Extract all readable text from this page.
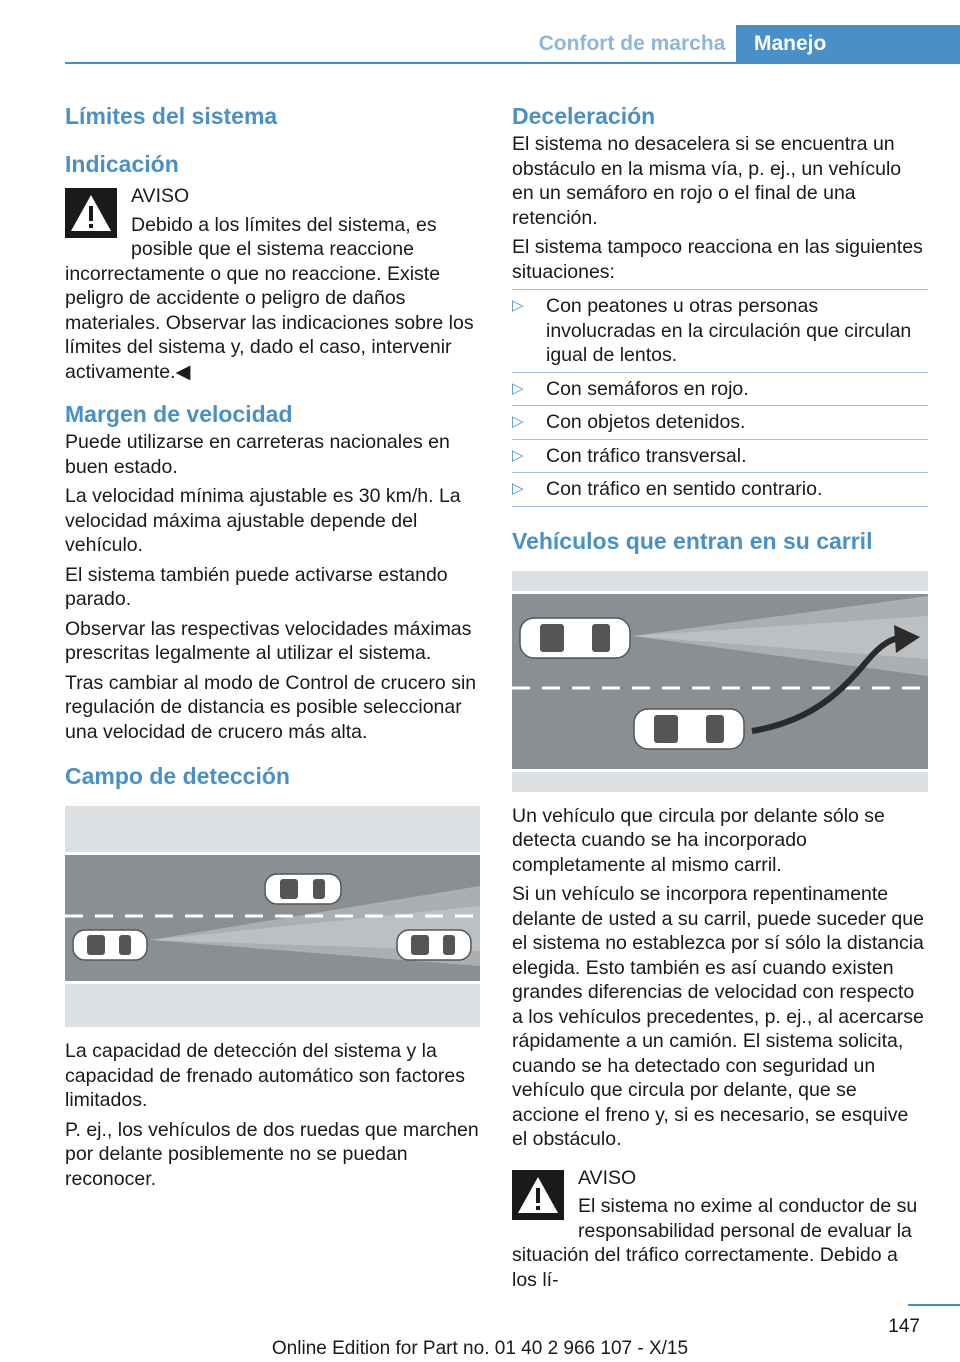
Confort de marcha	Manejo
Límites del sistema
Indicación
AVISO

Debido a los límites del sistema, es posible que el sistema reaccione incorrectamente o que no reaccione. Existe peligro de accidente o peligro de daños materiales. Observar las indicaciones sobre los límites del sistema y, dado el caso, intervenir activamente.◀

Margen de velocidad

Puede utilizarse en carreteras nacionales en buen estado.

La velocidad mínima ajustable es 30 km/h. La velocidad máxima ajustable depende del vehículo.

El sistema también puede activarse estando parado.

Observar las respectivas velocidades máximas prescritas legalmente al utilizar el sistema.

Tras cambiar al modo de Control de crucero sin regulación de distancia es posible seleccionar una velocidad de crucero más alta.

Campo de detección

La capacidad de detección del sistema y la capacidad de frenado automático son factores limitados.

P. ej., los vehículos de dos ruedas que marchen por delante posiblemente no se puedan reconocer.

Deceleración

El sistema no desacelera si se encuentra un obstáculo en la misma vía, p. ej., un vehículo en un semáforo en rojo o el final de una retención.

El sistema tampoco reacciona en las siguientes situaciones:

▷ Con peatones u otras personas involucradas en la circulación que circulan igual de lentos.
▷ Con semáforos en rojo.
▷ Con objetos detenidos.
▷ Con tráfico transversal.
▷ Con tráfico en sentido contrario.
Vehículos que entran en su carril

Un vehículo que circula por delante sólo se detecta cuando se ha incorporado completamente al mismo carril.

Si un vehículo se incorpora repentinamente delante de usted a su carril, puede suceder que el sistema no establezca por sí sólo la distancia elegida. Esto también es así cuando existen grandes diferencias de velocidad con respecto a los vehículos precedentes, p. ej., al acercarse rápidamente a un camión. El sistema solicita, cuando se ha detectado con seguridad un vehículo que circula por delante, que se accione el freno y, si es necesario, se esquive el obstáculo.

AVISO

El sistema no exime al conductor de su responsabilidad personal de evaluar la situación del tráfico correctamente. Debido a los lí-

147
Online Edition for Part no. 01 40 2 966 107 - X/15
